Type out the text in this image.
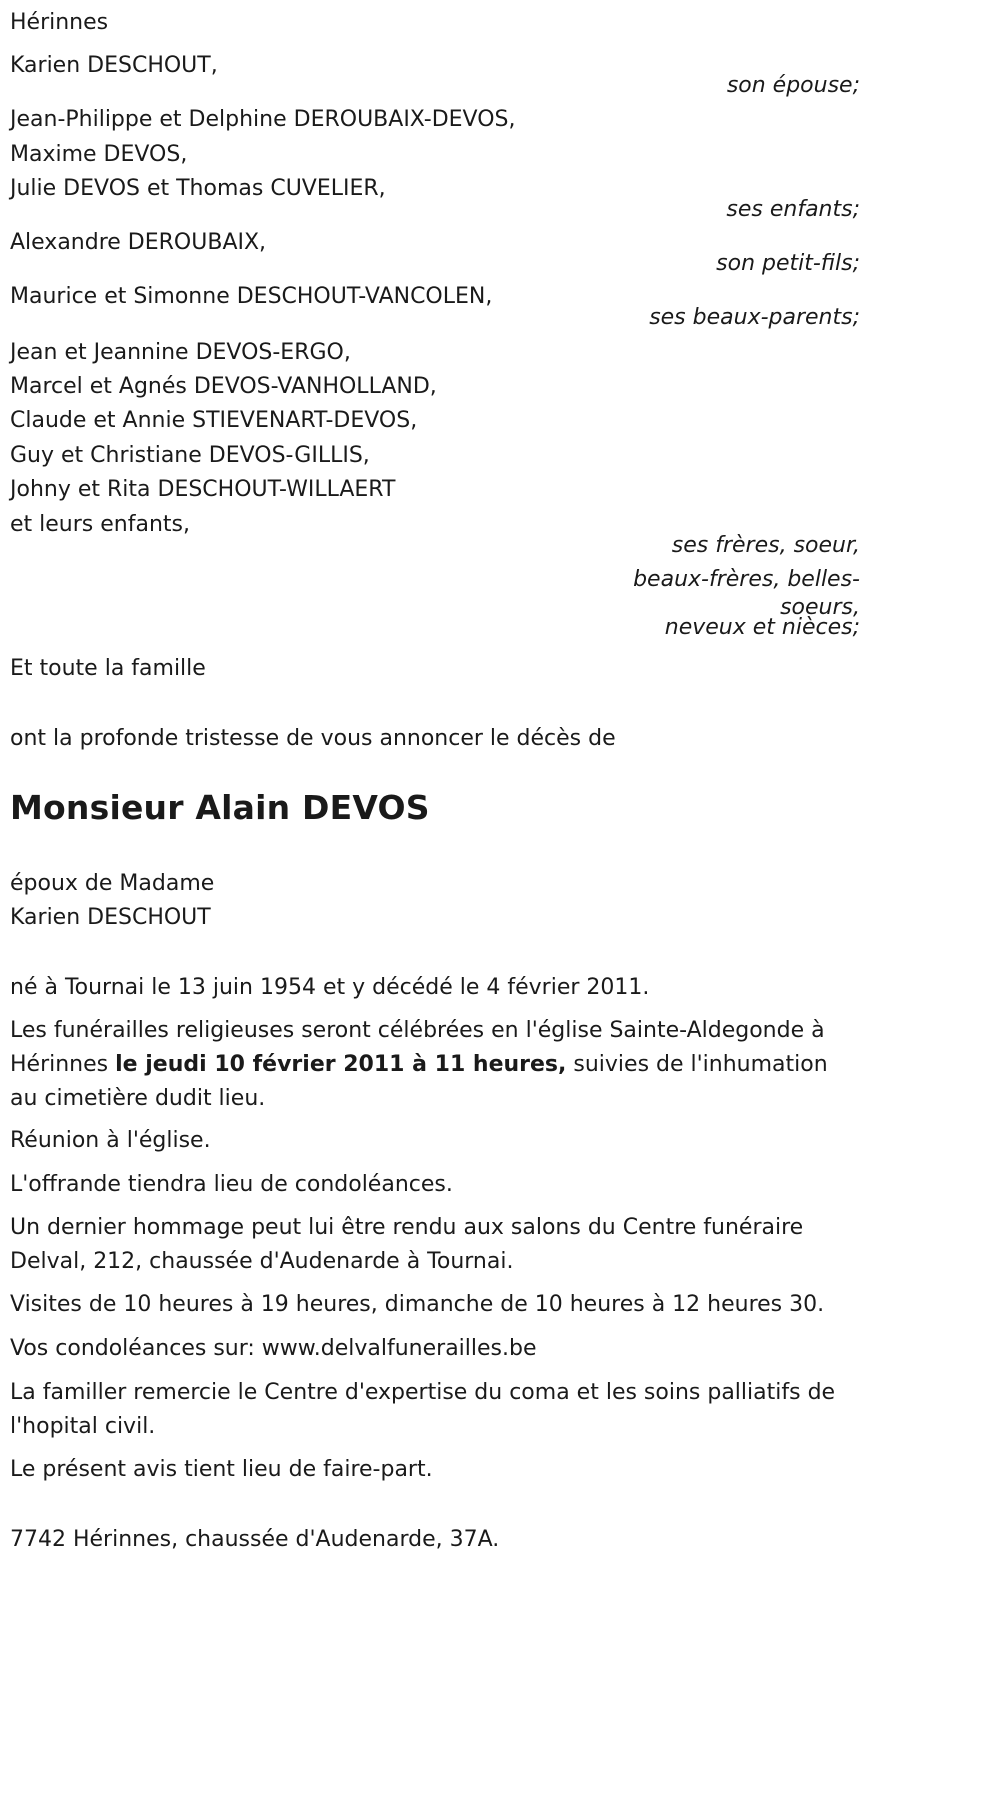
Hérinnes
Karien DESCHOUT,
son épouse;
Jean-Philippe et Delphine DEROUBAIX-DEVOS,
Maxime DEVOS,
Julie DEVOS et Thomas CUVELIER,
ses enfants;
Alexandre DEROUBAIX,
son petit-fils;
Maurice et Simonne DESCHOUT-VANCOLEN,
ses beaux-parents;
Jean et Jeannine DEVOS-ERGO,
Marcel et Agnés DEVOS-VANHOLLAND,
Claude et Annie STIEVENART-DEVOS,
Guy et Christiane DEVOS-GILLIS,
Johny et Rita DESCHOUT-WILLAERT
et leurs enfants,
ses frères, soeur,
beaux-frères, belles-
soeurs,
neveux et nièces;
Et toute la famille
ont la profonde tristesse de vous annoncer le décès de
Monsieur Alain DEVOS
époux de Madame
Karien DESCHOUT
né à Tournai le 13 juin 1954 et y décédé le 4 février 2011.
Les funérailles religieuses seront célébrées en l'église Sainte-Aldegonde à Hérinnes le jeudi 10 février 2011 à 11 heures, suivies de l'inhumation au cimetière dudit lieu.
Réunion à l'église.
L'offrande tiendra lieu de condoléances.
Un dernier hommage peut lui être rendu aux salons du Centre funéraire Delval, 212, chaussée d'Audenarde à Tournai.
Visites de 10 heures à 19 heures, dimanche de 10 heures à 12 heures 30.
Vos condoléances sur: www.delvalfunerailles.be
La familler remercie le Centre d'expertise du coma et les soins palliatifs de l'hopital civil.
Le présent avis tient lieu de faire-part.
7742 Hérinnes, chaussée d'Audenarde, 37A.
